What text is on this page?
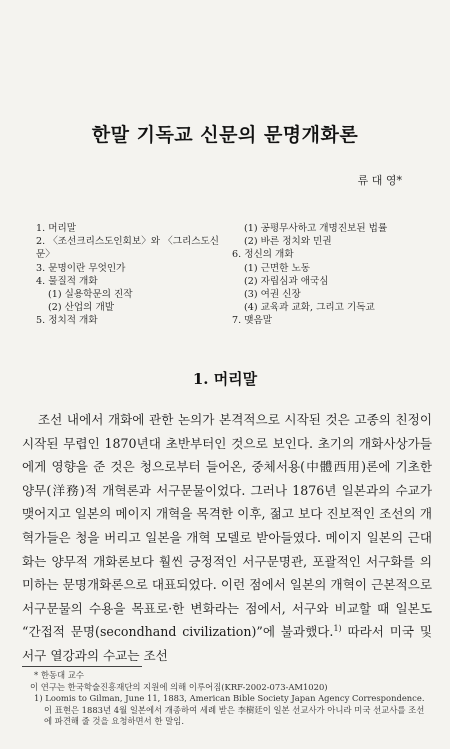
한말 기독교 신문의 문명개화론
류 대 영*
1. 머리말
2. 〈조선크리스도인회보〉와 〈그리스도신문〉
3. 문명이란 무엇인가
4. 물질적 개화
(1) 실용학문의 진작
(2) 산업의 개발
5. 정치적 개화
(1) 공평무사하고 개명진보된 법률
(2) 바른 정치와 민권
6. 정신의 개화
(1) 근면한 노동
(2) 자립심과 애국심
(3) 여권 신장
(4) 교육과 교화, 그리고 기독교
7. 맺음말
1. 머리말
조선 내에서 개화에 관한 논의가 본격적으로 시작된 것은 고종의 친정이 시작된 무렵인 1870년대 초반부터인 것으로 보인다. 초기의 개화사상가들에게 영향을 준 것은 청으로부터 들어온, 중체서용(中體西用)론에 기초한 양무(洋務)적 개혁론과 서구문물이었다. 그러나 1876년 일본과의 수교가 맺어지고 일본의 메이지 개혁을 목격한 이후, 젊고 보다 진보적인 조선의 개혁가들은 청을 버리고 일본을 개혁 모델로 받아들였다. 메이지 일본의 근대화는 양무적 개화론보다 훨씬 긍정적인 서구문명관, 포괄적인 서구화를 의미하는 문명개화론으로 대표되었다. 이런 점에서 일본의 개혁이 근본적으로 서구문물의 수용을 목표로·한 변화라는 점에서, 서구와 비교할 때 일본도 “간접적 문명(secondhand civilization)”에 불과했다.$^{1)}$ 따라서 미국 및 서구 열강과의 수교는 조선
* 한동대 교수
이 연구는 한국학술진흥재단의 지원에 의해 이루어짐(KRF-2002-073-AM1020)
1) Loomis to Gilman, June 11, 1883, American Bible Society Japan Agency Correspondence. 이 표현은 1883년 4월 일본에서 개종하여 세례 받은 李樹廷이 일본 선교사가 아니라 미국 선교사를 조선에 파견해 줄 것을 요청하면서 한 말임.
